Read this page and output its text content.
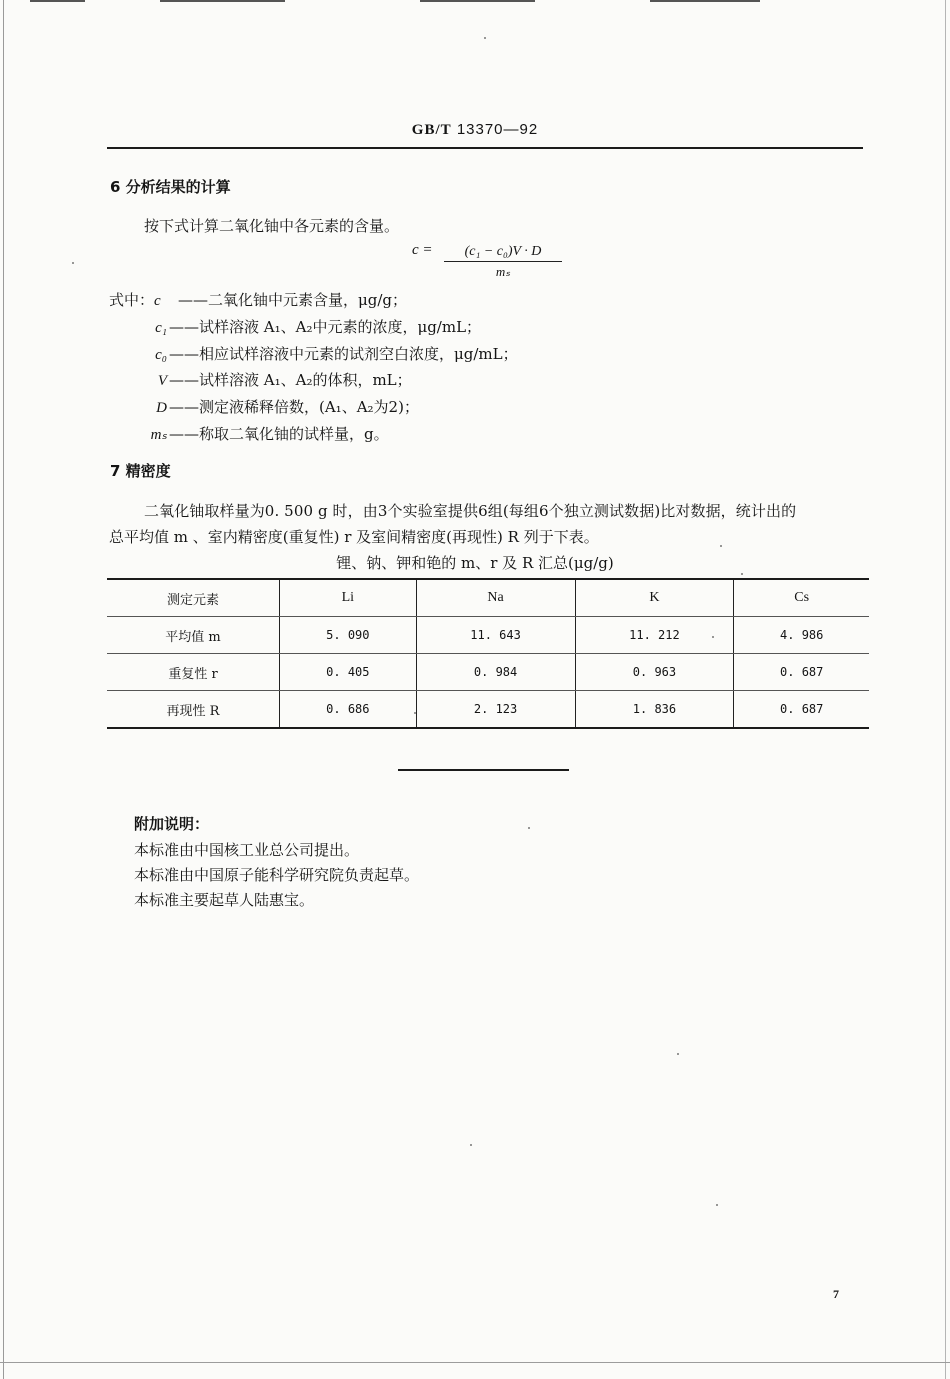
GB/T 13370—92
6 分析结果的计算
按下式计算二氧化铀中各元素的含量。
$c = \frac{\text{(c₁ − c₀)V · D}}{\text{mₛ}}$
式中：c ——二氧化铀中元素含量，μg/g；
c₁ ——试样溶液 A₁、A₂中元素的浓度，μg/mL；
c₀ ——相应试样溶液中元素的试剂空白浓度，μg/mL；
V ——试样溶液 A₁、A₂的体积，mL；
D ——测定液稀释倍数，(A₁、A₂为2)；
mₛ ——称取二氧化铀的试样量，g。
7 精密度
二氧化铀取样量为0. 500 g 时，由3个实验室提供6组(每组6个独立测试数据)比对数据，统计出的
总平均值 m 、室内精密度(重复性) r 及室间精密度(再现性) R 列于下表。
锂、钠、钾和铯的 m、r 及 R 汇总(μg/g)
测定元素	Li	Na	K	Cs
平均值 m	5. 090	11. 643	11. 212	4. 986
重复性 r	0. 405	0. 984	0. 963	0. 687
再现性 R	0. 686	2. 123	1. 836	0. 687
附加说明：
本标准由中国核工业总公司提出。
本标准由中国原子能科学研究院负责起草。
本标准主要起草人陆惠宝。
7
